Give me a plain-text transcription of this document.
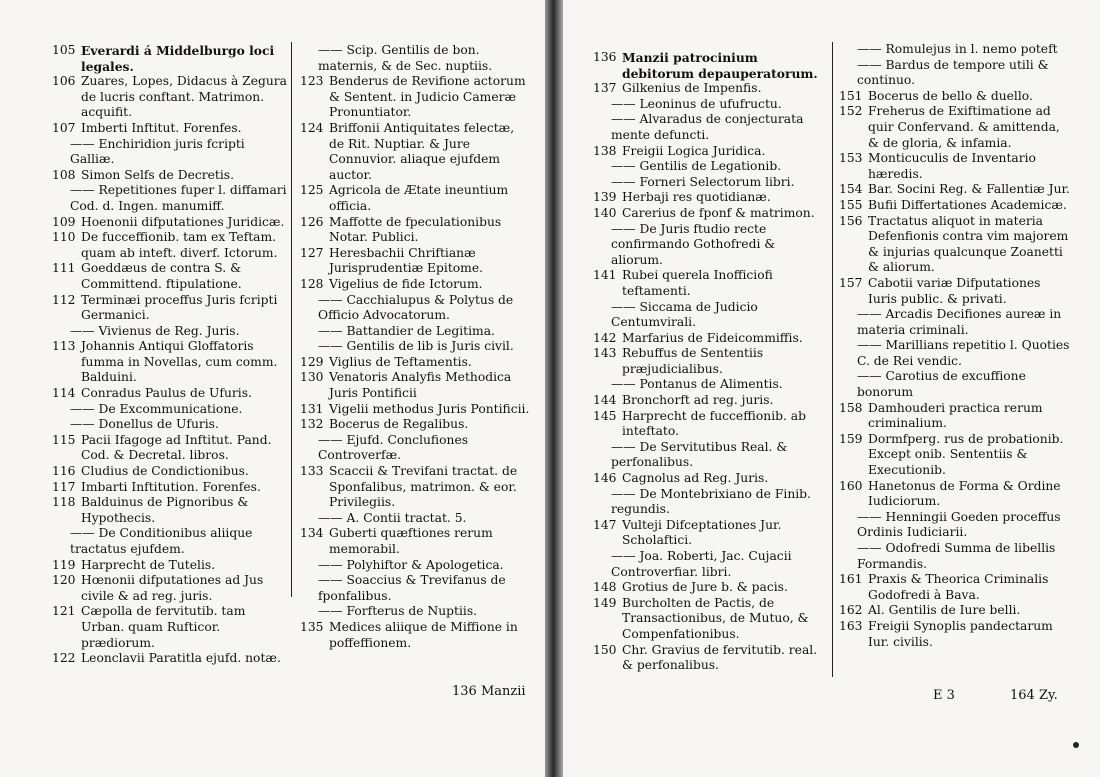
105 Everardi á Middelburgo loci legales.
106 Zuares, Lopes, Didacus à Zegura de lucris conftant. Matrimon. acquifit.
107 Imberti Inftitut. Forenfes.
—— Enchiridion juris fcripti Galliæ.
108 Simon Selfs de Decretis.
—— Repetitiones fuper l. diffamari Cod. d. Ingen. manumiff.
109 Hoenonii difputationes Juridicæ.
110 De fucceffionib. tam ex Teftam. quam ab inteft. diverf. Ictorum.
111 Goeddæus de contra S. & Committend. ftipulatione.
112 Terminæi proceffus Juris fcripti Germanici.
—— Vivienus de Reg. Juris.
113 Johannis Antiqui Gloffatoris fumma in Novellas, cum comm. Balduini.
114 Conradus Paulus de Ufuris.
—— De Excommunicatione.
—— Donellus de Ufuris.
115 Pacii Ifagoge ad Inftitut. Pand. Cod. & Decretal. libros.
116 Cludius de Condictionibus.
117 Imbarti Inftitution. Forenfes.
118 Balduinus de Pignoribus & Hypothecis.
—— De Conditionibus aliique tractatus ejufdem.
119 Harprecht de Tutelis.
120 Hœnonii difputationes ad Jus civile & ad reg. juris.
121 Cæpolla de fervitutib. tam Urban. quam Rufticor. prædiorum.
122 Leonclavii Paratitla ejufd. notæ.
—— Scip. Gentilis de bon. maternis, & de Sec. nuptiis.
123 Benderus de Revifione actorum & Sentent. in Judicio Cameræ Pronuntiator.
124 Briffonii Antiquitates felectæ, de Rit. Nuptiar. & Jure Connuvior. aliaque ejufdem auctor.
125 Agricola de Ætate ineuntium officia.
126 Maffotte de fpeculationibus Notar. Publici.
127 Heresbachii Chriftianæ Jurisprudentiæ Epitome.
128 Vigelius de fide Ictorum.
—— Cacchialupus & Polytus de Officio Advocatorum.
—— Battandier de Legitima.
—— Gentilis de lib is Juris civil.
129 Viglius de Teftamentis.
130 Venatoris Analyfis Methodica Juris Pontificii
131 Vigelii methodus Juris Pontificii.
132 Bocerus de Regalibus.
—— Ejufd. Conclufiones Controverfæ.
133 Scaccii & Trevifani tractat. de Sponfalibus, matrimon. & eor. Privilegiis.
—— A. Contii tractat. 5.
134 Guberti quæftiones rerum memorabil.
—— Polyhiftor & Apologetica.
—— Soaccius & Trevifanus de fponfalibus.
—— Forfterus de Nuptiis.
135 Medices aliique de Miffione in poffeffionem.
136 Manzii
136 Manzii patrocinium debitorum depauperatorum.
137 Gilkenius de Impenfis.
—— Leoninus de ufufructu.
—— Alvaradus de conjecturata mente defuncti.
138 Freigii Logica Juridica.
—— Gentilis de Legationib.
—— Forneri Selectorum libri.
139 Herbaji res quotidianæ.
140 Carerius de fponf & matrimon.
—— De Juris ftudio recte confirmando Gothofredi & aliorum.
141 Rubei querela Inofficiofi teftamenti.
—— Siccama de Judicio Centumvirali.
142 Marfarius de Fideicommiffis.
143 Rebuffus de Sententiis præjudicialibus.
—— Pontanus de Alimentis.
144 Bronchorft ad reg. juris.
145 Harprecht de fucceffionib. ab inteftato.
—— De Servitutibus Real. & perfonalibus.
146 Cagnolus ad Reg. Juris.
—— De Montebrixiano de Finib. regundis.
147 Vulteji Difceptationes Jur. Scholaftici.
—— Joa. Roberti, Jac. Cujacii Controverfiar. libri.
148 Grotius de Jure b. & pacis.
149 Burcholten de Pactis, de Transactionibus, de Mutuo, & Compenfationibus.
150 Chr. Gravius de fervitutib. real. & perfonalibus.
—— Romulejus in l. nemo poteft
—— Bardus de tempore utili & continuo.
151 Bocerus de bello & duello.
152 Freherus de Exiftimatione ad quir Confervand. & amittenda, & de gloria, & infamia.
153 Monticuculis de Inventario hæredis.
154 Bar. Socini Reg. & Fallentiæ Jur.
155 Bufii Differtationes Academicæ.
156 Tractatus aliquot in materia Defenfionis contra vim majorem & injurias qualcunque Zoanetti & aliorum.
157 Cabotii variæ Difputationes Iuris public. & privati.
—— Arcadis Decifiones aureæ in materia criminali.
—— Marillians repetitio l. Quoties C. de Rei vendic.
—— Carotius de excuffione bonorum
158 Damhouderi practica rerum criminalium.
159 Dormfperg. rus de probationib. Except onib. Sententiis & Executionib.
160 Hanetonus de Forma & Ordine Iudiciorum.
—— Henningii Goeden proceffus Ordinis Iudiciarii.
—— Odofredi Summa de libellis Formandis.
161 Praxis & Theorica Criminalis Godofredi à Bava.
162 Al. Gentilis de Iure belli.
163 Freigii Synoplis pandectarum Iur. civilis.
E 3	164 Zy.
